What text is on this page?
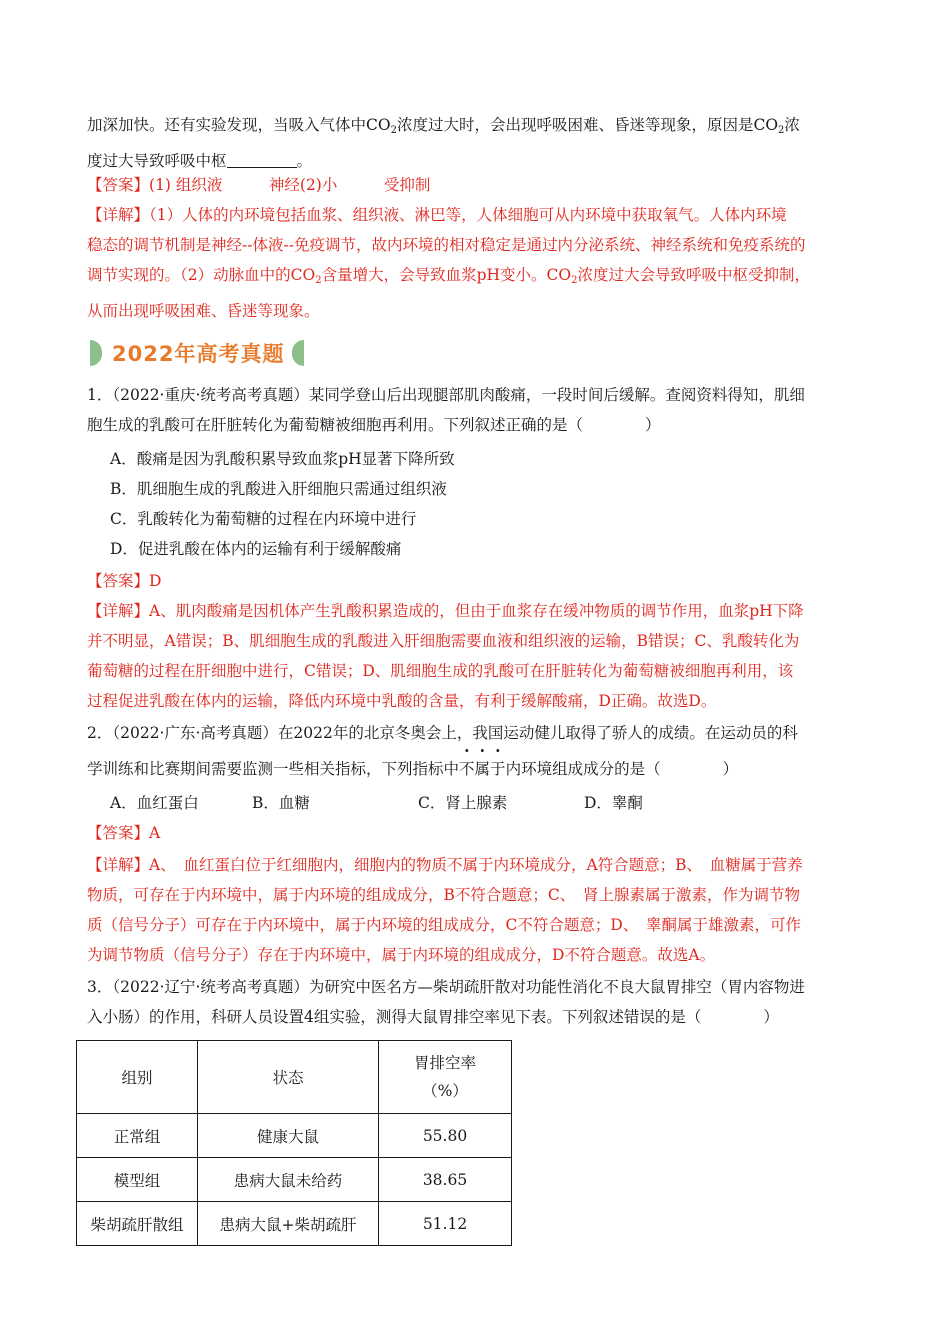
加深加快。还有实验发现，当吸入气体中$CO_2$浓度过大时，会出现呼吸困难、昏迷等现象，原因是$CO_2$浓
度过大导致呼吸中枢	。
【答案】(1) 组织液　　　神经(2)小　　　受抑制
【详解】（1）人体的内环境包括血浆、组织液、淋巴等，人体细胞可从内环境中获取氧气。人体内环境
稳态的调节机制是神经--体液--免疫调节，故内环境的相对稳定是通过内分泌系统、神经系统和免疫系统的
调节实现的。（2）动脉血中的$CO_2$含量增大，会导致血浆pH变小。$CO_2$浓度过大会导致呼吸中枢受抑制，
从而出现呼吸困难、昏迷等现象。
2022年高考真题
1．（2022·重庆·统考高考真题）某同学登山后出现腿部肌肉酸痛，一段时间后缓解。查阅资料得知，肌细
胞生成的乳酸可在肝脏转化为葡萄糖被细胞再利用。下列叙述正确的是（　　　　）
A．酸痛是因为乳酸积累导致血浆pH显著下降所致
B．肌细胞生成的乳酸进入肝细胞只需通过组织液
C．乳酸转化为葡萄糖的过程在内环境中进行
D．促进乳酸在体内的运输有利于缓解酸痛
【答案】D
【详解】A、肌肉酸痛是因机体产生乳酸积累造成的，但由于血浆存在缓冲物质的调节作用，血浆pH下降
并不明显，A错误；B、肌细胞生成的乳酸进入肝细胞需要血液和组织液的运输，B错误；C、乳酸转化为
葡萄糖的过程在肝细胞中进行，C错误；D、肌细胞生成的乳酸可在肝脏转化为葡萄糖被细胞再利用，该
过程促进乳酸在体内的运输，降低内环境中乳酸的含量，有利于缓解酸痛，D正确。故选D。
2．（2022·广东·高考真题）在2022年的北京冬奥会上，我国运动健儿取得了骄人的成绩。在运动员的科
学训练和比赛期间需要监测一些相关指标，下列指标中不属于内环境组成成分的是（　　　　）
A．血红蛋白	B．血糖	C．肾上腺素	D．睾酮
【答案】A
【详解】A、　血红蛋白位于红细胞内，细胞内的物质不属于内环境成分，A符合题意；B、　血糖属于营养
物质，可存在于内环境中，属于内环境的组成成分，B不符合题意；C、　肾上腺素属于激素，作为调节物
质（信号分子）可存在于内环境中，属于内环境的组成成分，C不符合题意；D、　睾酮属于雄激素，可作
为调节物质（信号分子）存在于内环境中，属于内环境的组成成分，D不符合题意。故选A。
3．（2022·辽宁·统考高考真题）为研究中医名方—柴胡疏肝散对功能性消化不良大鼠胃排空（胃内容物进
入小肠）的作用，科研人员设置4组实验，测得大鼠胃排空率见下表。下列叙述错误的是（　　　　）
组别	状态	胃排空率
（%）

正常组	健康大鼠	55.80
模型组	患病大鼠未给药	38.65
柴胡疏肝散组	患病大鼠+柴胡疏肝	51.12
